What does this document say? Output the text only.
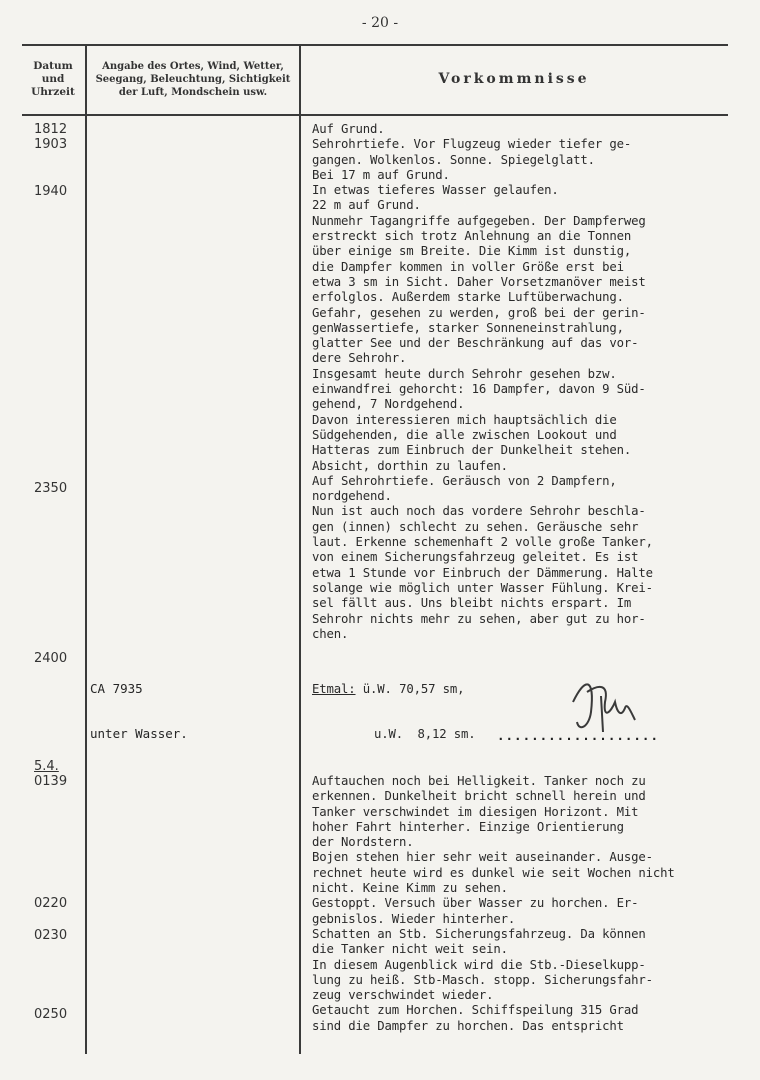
- 20 -
Datum
und
Uhrzeit
Angabe des Ortes, Wind, Wetter,
Seegang, Beleuchtung, Sichtigkeit
der Luft, Mondschein usw.
Vorkommnisse
1812
1903
1940
2350
2400
5.4.
0139
0220
0230
0250

CA 7935

unter Wasser.

Auf Grund.
Sehrohrtiefe. Vor Flugzeug wieder tiefer ge-
gangen. Wolkenlos. Sonne. Spiegelglatt.
Bei 17 m auf Grund.
In etwas tieferes Wasser gelaufen.
22 m auf Grund.
Nunmehr Tagangriffe aufgegeben. Der Dampferweg
erstreckt sich trotz Anlehnung an die Tonnen
über einige sm Breite. Die Kimm ist dunstig,
die Dampfer kommen in voller Größe erst bei
etwa 3 sm in Sicht. Daher Vorsetzmanöver meist
erfolglos. Außerdem starke Luftüberwachung.
Gefahr, gesehen zu werden, groß bei der gerin-
genWassertiefe, starker Sonneneinstrahlung,
glatter See und der Beschränkung auf das vor-
dere Sehrohr.
Insgesamt heute durch Sehrohr gesehen bzw.
einwandfrei gehorcht: 16 Dampfer, davon 9 Süd-
gehend, 7 Nordgehend.
Davon interessieren mich hauptsächlich die
Südgehenden, die alle zwischen Lookout und
Hatteras zum Einbruch der Dunkelheit stehen.
Absicht, dorthin zu laufen.
Auf Sehrohrtiefe. Geräusch von 2 Dampfern,
nordgehend.
Nun ist auch noch das vordere Sehrohr beschla-
gen (innen) schlecht zu sehen. Geräusche sehr
laut. Erkenne schemenhaft 2 volle große Tanker,
von einem Sicherungsfahrzeug geleitet. Es ist
etwa 1 Stunde vor Einbruch der Dämmerung. Halte
solange wie möglich unter Wasser Fühlung. Krei-
sel fällt aus. Uns bleibt nichts erspart. Im
Sehrohr nichts mehr zu sehen, aber gut zu hor-
chen.

Etmal: ü.W. 70,57 sm,

u.W.  8,12 sm.	...................
Auftauchen noch bei Helligkeit. Tanker noch zu
erkennen. Dunkelheit bricht schnell herein und
Tanker verschwindet im diesigen Horizont. Mit
hoher Fahrt hinterher. Einzige Orientierung
der Nordstern.
Bojen stehen hier sehr weit auseinander. Ausge-
rechnet heute wird es dunkel wie seit Wochen nicht
nicht. Keine Kimm zu sehen.
Gestoppt. Versuch über Wasser zu horchen. Er-
gebnislos. Wieder hinterher.
Schatten an Stb. Sicherungsfahrzeug. Da können
die Tanker nicht weit sein.
In diesem Augenblick wird die Stb.-Dieselkupp-
lung zu heiß. Stb-Masch. stopp. Sicherungsfahr-
zeug verschwindet wieder.
Getaucht zum Horchen. Schiffspeilung 315 Grad
sind die Dampfer zu horchen. Das entspricht
